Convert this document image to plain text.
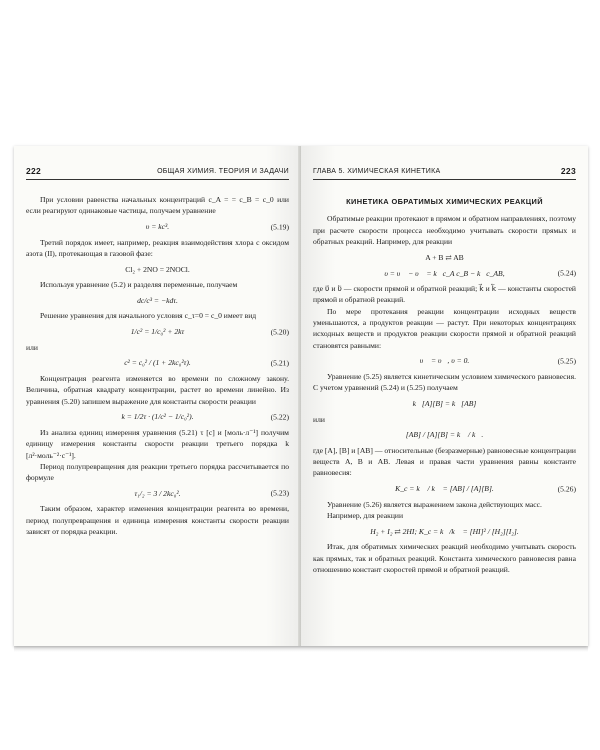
222	ОБЩАЯ ХИМИЯ. ТЕОРИЯ И ЗАДАЧИ

При условии равенства начальных концентраций c_A = = c_B = c_0 или если реагируют одинаковые частицы, получаем уравнение

υ = kc³.	(5.19)

Третий порядок имеет, например, реакция взаимодействия хлора с оксидом азота (II), протекающая в газовой фазе:

Cl₂ + 2NO = 2NOCl.

Используя уравнение (5.2) и разделяя переменные, получаем

dc/c³ = −kdτ.

Решение уравнения для начального условия c_τ=0 = c_0 имеет вид

1/c² = 1/c₀² + 2kτ	(5.20)

или

c² = c₀² / (1 + 2kc₀²τ).	(5.21)

Концентрация реагента изменяется во времени по сложному закону. Величина, обратная квадрату концентрации, растет во времени линейно. Из уравнения (5.20) запишем выражение для константы скорости реакции

k = 1/2τ · (1/c² − 1/c₀²).	(5.22)

Из анализа единиц измерения уравнения (5.21) τ [с] и [моль·л⁻¹] получим единицу измерения константы скорости реакции третьего порядка k [л²·моль⁻²·с⁻¹].

Период полупревращения для реакции третьего порядка рассчитывается по формуле

τ₁/₂ = 3 / 2kc₀².	(5.23)

Таким образом, характер изменения концентрации реагента во времени, период полупревращения и единица измерения константы скорости реакции зависят от порядка реакции.

ГЛАВА 5. ХИМИЧЕСКАЯ КИНЕТИКА	223
КИНЕТИКА ОБРАТИМЫХ ХИМИЧЕСКИХ РЕАКЦИЙ

Обратимые реакции протекают в прямом и обратном направлениях, поэтому при расчете скорости процесса необходимо учитывать скорости прямых и обратных реакций. Например, для реакции

A + B ⇄ AB
υ = υ⃗ − υ⃖ = k⃗c_A c_B − k⃖c_AB,	(5.24)

где υ⃗ и υ⃖ — скорости прямой и обратной реакций; k⃗ и k⃖ — константы скоростей прямой и обратной реакций.

По мере протекания реакции концентрации исходных веществ уменьшаются, а продуктов реакции — растут. При некоторых концентрациях исходных веществ и продуктов реакции скорости прямой и обратной реакций становятся равными:

υ⃗ = υ⃖, υ = 0.	(5.25)

Уравнение (5.25) является кинетическим условием химического равновесия. С учетом уравнений (5.24) и (5.25) получаем

k⃗[A][B] = k⃖[AB]

или

[AB] / [A][B] = k⃗ / k⃖.

где [A], [B] и [AB] — относительные (безразмерные) равновесные концентрации веществ A, B и AB. Левая и правая части уравнения равны константе равновесия:

K_c = k⃗ / k⃖ = [AB] / [A][B].	(5.26)

Уравнение (5.26) является выражением закона действующих масс.

Например, для реакции

H₂ + I₂ ⇄ 2HI; K_c = k⃗/k⃖ = [HI]² / [H₂][I₂].

Итак, для обратимых химических реакций необходимо учитывать скорость как прямых, так и обратных реакций. Константа химического равновесия равна отношению констант скоростей прямой и обратной реакций.
